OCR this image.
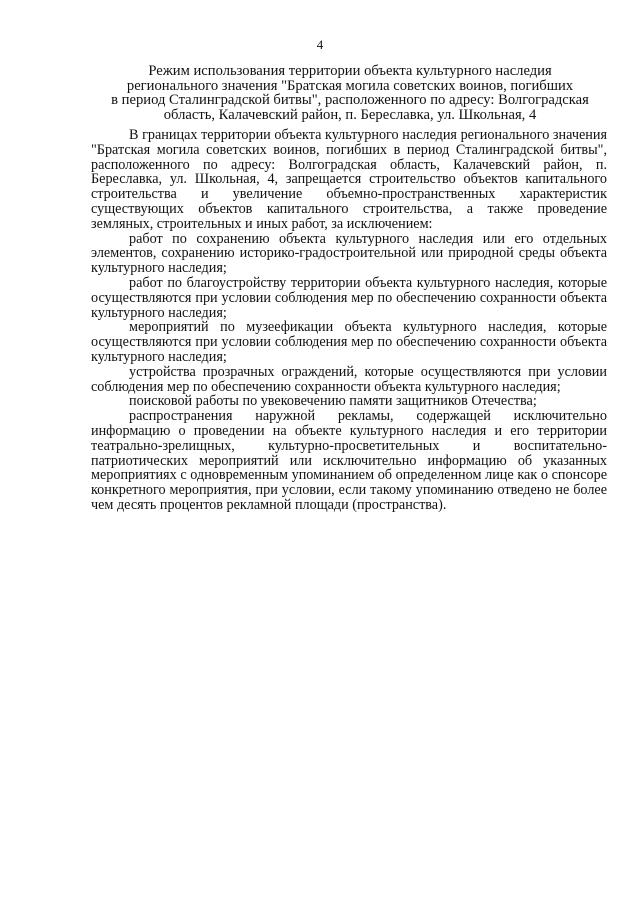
4
Режим использования территории объекта культурного наследия
регионального значения "Братская могила советских воинов, погибших
в период Сталинградской битвы", расположенного по адресу: Волгоградская
область, Калачевский район, п. Береславка, ул. Школьная, 4

В границах территории объекта культурного наследия регионального значения "Братская могила советских воинов, погибших в период Сталинградской битвы", расположенного по адресу: Волгоградская область, Калачевский район, п. Береславка, ул. Школьная, 4, запрещается строительство объектов капитального строительства и увеличение объемно-пространственных характеристик существующих объектов капитального строительства, а также проведение земляных, строительных и иных работ, за исключением:

работ по сохранению объекта культурного наследия или его отдельных элементов, сохранению историко-градостроительной или природной среды объекта культурного наследия;

работ по благоустройству территории объекта культурного наследия, которые осуществляются при условии соблюдения мер по обеспечению сохранности объекта культурного наследия;

мероприятий по музеефикации объекта культурного наследия, которые осуществляются при условии соблюдения мер по обеспечению сохранности объекта культурного наследия;

устройства прозрачных ограждений, которые осуществляются при условии соблюдения мер по обеспечению сохранности объекта культурного наследия;

поисковой работы по увековечению памяти защитников Отечества;

распространения наружной рекламы, содержащей исключительно информацию о проведении на объекте культурного наследия и его территории театрально-зрелищных, культурно-просветительных и воспитательно-патриотических мероприятий или исключительно информацию об указанных мероприятиях с одновременным упоминанием об определенном лице как о спонсоре конкретного мероприятия, при условии, если такому упоминанию отведено не более чем десять процентов рекламной площади (пространства).
